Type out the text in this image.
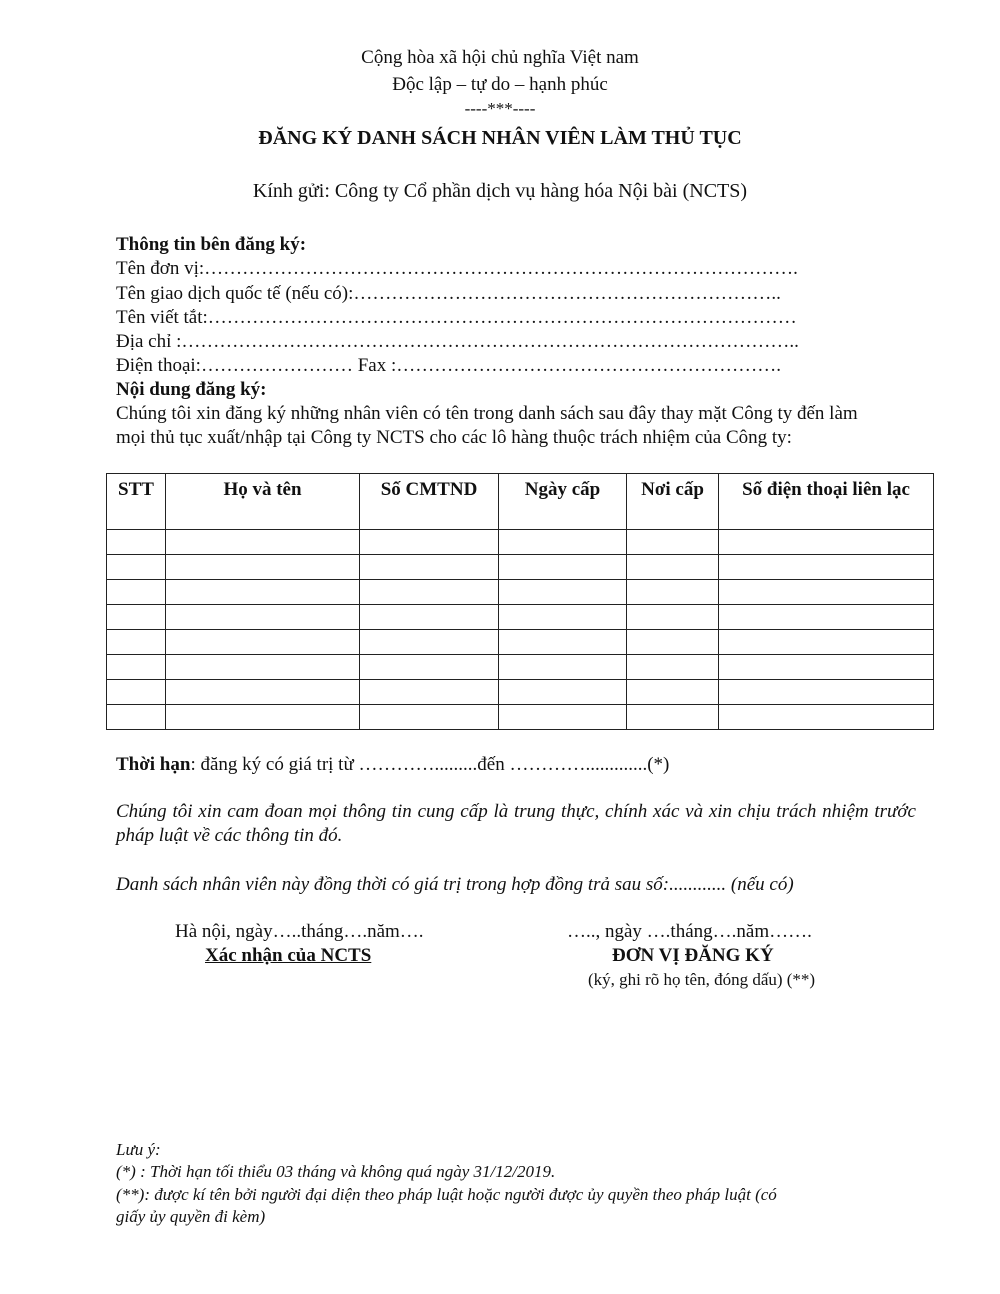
Cộng hòa xã hội chủ nghĩa Việt nam
Độc lập – tự do – hạnh phúc
----***----
ĐĂNG KÝ DANH SÁCH NHÂN VIÊN LÀM THỦ TỤC
Kính gửi: Công ty Cổ phần dịch vụ hàng hóa Nội bài (NCTS)
Thông tin bên đăng ký:
Tên đơn vị:………………………………………………………………………………….
Tên giao dịch quốc tế (nếu có):…………………………………………………………..
Tên viết tắt:…………………………………………………………………………………
Địa chỉ :……………………………………………………………………………………..
Điện thoại:…………………… Fax :…………………………………………………….
Nội dung đăng ký:
Chúng tôi xin đăng ký những nhân viên có tên trong danh sách sau đây thay mặt Công ty đến làm
mọi thủ tục xuất/nhập tại Công ty NCTS cho các lô hàng thuộc trách nhiệm của Công ty:
STT	Họ và tên	Số CMTND	Ngày cấp	Nơi cấp	Số điện thoại liên lạc

Thời hạn: đăng ký có giá trị từ ………….........đến ………….............(*)
Chúng tôi xin cam đoan mọi thông tin cung cấp là trung thực, chính xác và xin chịu trách nhiệm trước pháp luật về các thông tin đó.
Danh sách nhân viên này đồng thời có giá trị trong hợp đồng trả sau số:............ (nếu có)
Hà nội, ngày…..tháng….năm….
Xác nhận của NCTS
….., ngày ….tháng….năm…….
ĐƠN VỊ ĐĂNG KÝ
(ký, ghi rõ họ tên, đóng dấu) (**)
Lưu ý:
(*) : Thời hạn tối thiểu 03 tháng và không quá ngày 31/12/2019.
(**): được kí tên bởi người đại diện theo pháp luật hoặc người được ủy quyền theo pháp luật (có
giấy ủy quyền đi kèm)
